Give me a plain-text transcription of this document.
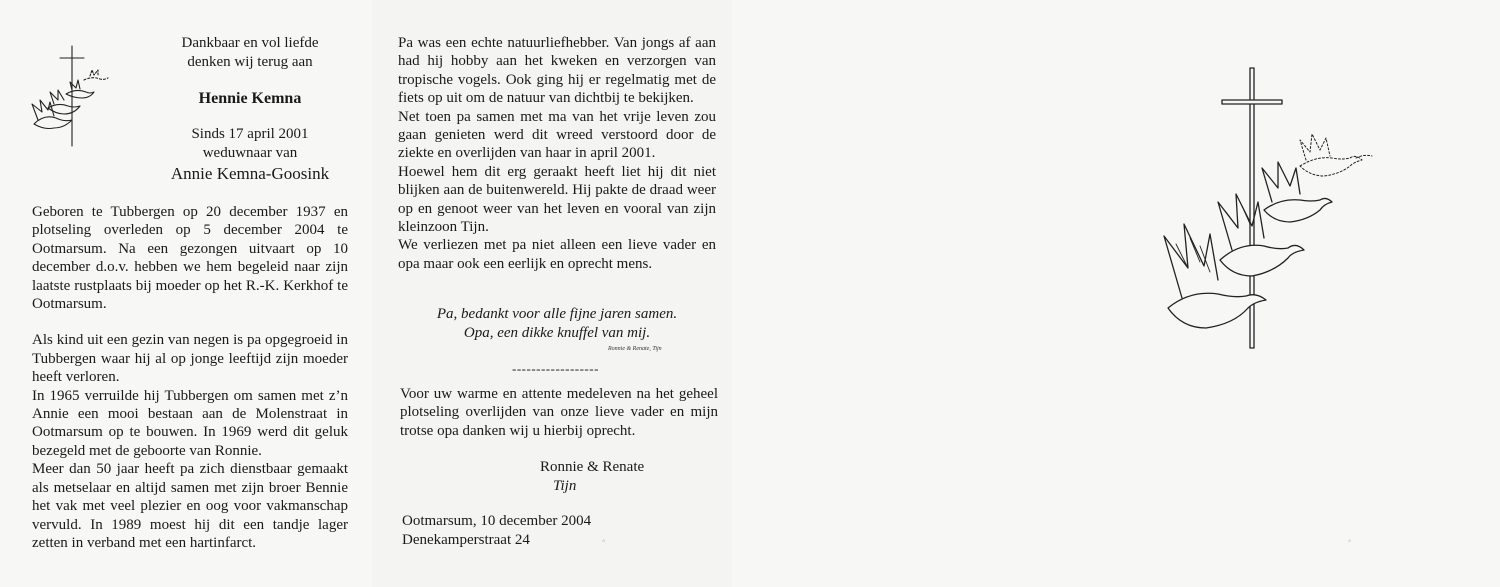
Dankbaar en vol liefde
denken wij terug aan
Hennie Kemna
Sinds 17 april 2001
weduwnaar van
Annie Kemna-Goosink

Geboren te Tubbergen op 20 december 1937 en plotseling overleden op 5 december 2004 te Ootmarsum. Na een gezongen uitvaart op 10 december d.o.v. hebben we hem begeleid naar zijn laatste rustplaats bij moeder op het R.-K. Kerkhof te Ootmarsum.

Als kind uit een gezin van negen is pa opgegroeid in Tubbergen waar hij al op jonge leeftijd zijn moeder heeft verloren.

In 1965 verruilde hij Tubbergen om samen met z’n Annie een mooi bestaan aan de Molenstraat in Ootmarsum op te bouwen. In 1969 werd dit geluk bezegeld met de geboorte van Ronnie.

Meer dan 50 jaar heeft pa zich dienstbaar gemaakt als metselaar en altijd samen met zijn broer Bennie het vak met veel plezier en oog voor vakmanschap vervuld. In 1989 moest hij dit een tandje lager zetten in verband met een hartinfarct.

Pa was een echte natuurliefhebber. Van jongs af aan had hij hobby aan het kweken en verzorgen van tropische vogels. Ook ging hij er regelmatig met de fiets op uit om de natuur van dichtbij te bekijken.

Net toen pa samen met ma van het vrije leven zou gaan genieten werd dit wreed verstoord door de ziekte en overlijden van haar in april 2001.

Hoewel hem dit erg geraakt heeft liet hij dit niet blijken aan de buitenwereld. Hij pakte de draad weer op en genoot weer van het leven en vooral van zijn kleinzoon Tijn.

We verliezen met pa niet alleen een lieve vader en opa maar ook een eerlijk en oprecht mens.

Pa, bedankt voor alle fijne jaren samen.
Opa, een dikke knuffel van mij.
Ronnie & Renate, Tijn
------------------

Voor uw warme en attente medeleven na het geheel plotseling overlijden van onze lieve vader en mijn trotse opa danken wij u hierbij oprecht.

Ronnie & Renate
Tijn
Ootmarsum, 10 december 2004
Denekamperstraat 24	°	°
